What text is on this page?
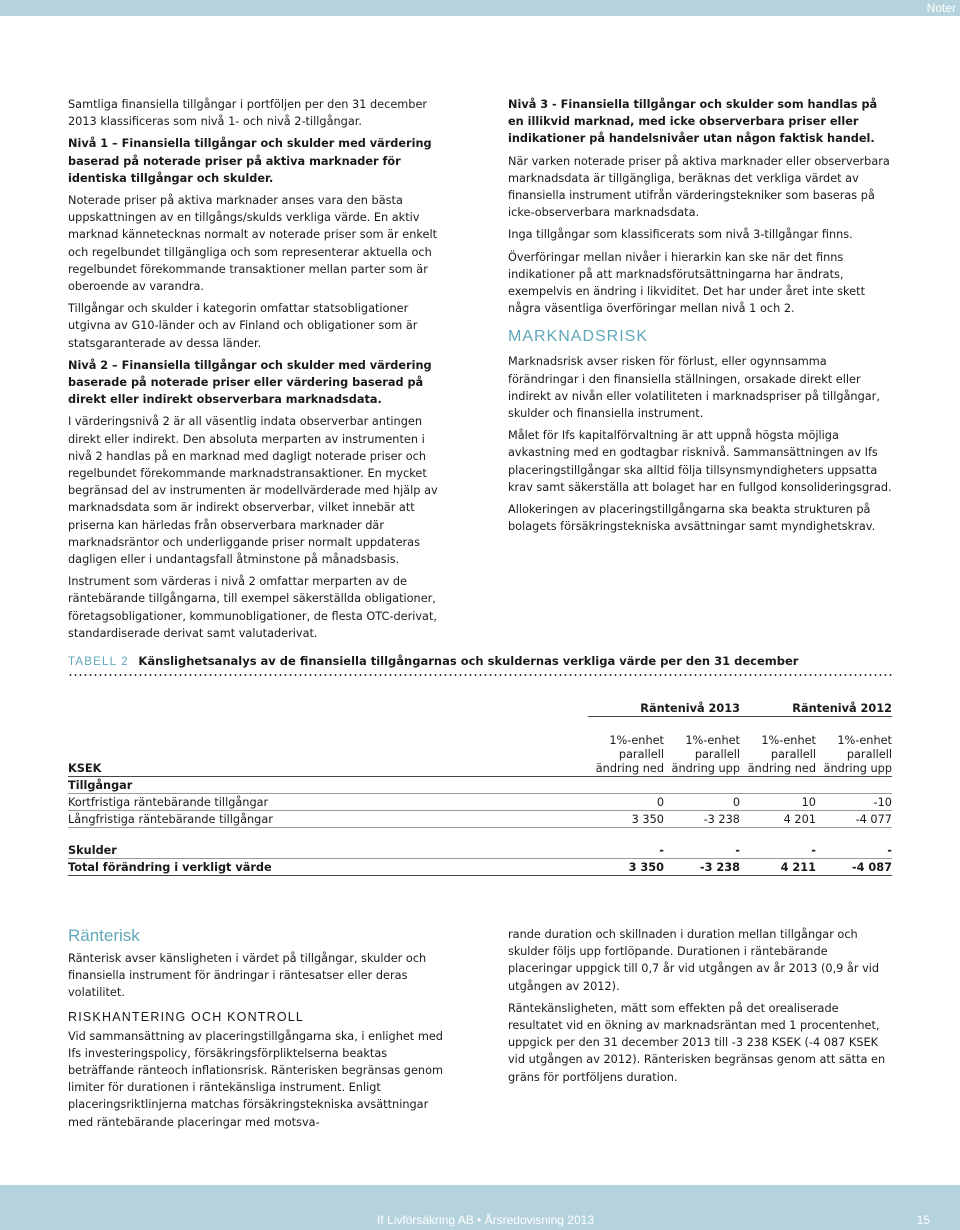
Noter

Samtliga finansiella tillgångar i portföljen per den 31 december 2013 klassificeras som nivå 1- och nivå 2-tillgångar.

Nivå 1 – Finansiella tillgångar och skulder med värdering baserad på noterade priser på aktiva marknader för identiska tillgångar och skulder.

Noterade priser på aktiva marknader anses vara den bästa uppskattningen av en tillgångs/skulds verkliga värde. En aktiv marknad kännetecknas normalt av noterade priser som är enkelt och regelbundet tillgängliga och som representerar aktuella och regelbundet förekommande transaktioner mellan parter som är oberoende av varandra.

Tillgångar och skulder i kategorin omfattar statsobligationer utgivna av G10-länder och av Finland och obligationer som är statsgaranterade av dessa länder.

Nivå 2 – Finansiella tillgångar och skulder med värdering baserade på noterade priser eller värdering baserad på direkt eller indirekt observerbara marknadsdata.

I värderingsnivå 2 är all väsentlig indata observerbar antingen direkt eller indirekt. Den absoluta merparten av instrumenten i nivå 2 handlas på en marknad med dagligt noterade priser och regelbundet förekommande marknadstransaktioner. En mycket begränsad del av instrumenten är modellvärderade med hjälp av marknadsdata som är indirekt observerbar, vilket innebär att priserna kan härledas från observerbara marknader där marknadsräntor och underliggande priser normalt uppdateras dagligen eller i undantagsfall åtminstone på månadsbasis.

Instrument som värderas i nivå 2 omfattar merparten av de räntebärande tillgångarna, till exempel säkerställda obligationer, företagsobligationer, kommunobligationer, de flesta OTC-derivat, standardiserade derivat samt valutaderivat.

Nivå 3 - Finansiella tillgångar och skulder som handlas på en illikvid marknad, med icke observerbara priser eller indikationer på handelsnivåer utan någon faktisk handel.

När varken noterade priser på aktiva marknader eller observerbara marknadsdata är tillgängliga, beräknas det verkliga värdet av finansiella instrument utifrån värderingstekniker som baseras på icke-observerbara marknadsdata.

Inga tillgångar som klassificerats som nivå 3-tillgångar finns.

Överföringar mellan nivåer i hierarkin kan ske när det finns indikationer på att marknadsförutsättningarna har ändrats, exempelvis en ändring i likviditet. Det har under året inte skett några väsentliga överföringar mellan nivå 1 och 2.

MARKNADSRISK

Marknadsrisk avser risken för förlust, eller ogynnsamma förändringar i den finansiella ställningen, orsakade direkt eller indirekt av nivån eller volatiliteten i marknadspriser på tillgångar, skulder och finansiella instrument.

Målet för Ifs kapitalförvaltning är att uppnå högsta möjliga avkastning med en godtagbar risknivå. Sammansättningen av Ifs placeringstillgångar ska alltid följa tillsynsmyndigheters uppsatta krav samt säkerställa att bolaget har en fullgod konsolideringsgrad.

Allokeringen av placeringstillgångarna ska beakta strukturen på bolagets försäkringstekniska avsättningar samt myndighetskrav.

TABELL 2 Känslighetsanalys av de finansiella tillgångarnas och skuldernas verkliga värde per den 31 december
	Räntenivå 2013		Räntenivå 2012	
KSEK	1%-enhet parallell ändring ned	1%-enhet parallell ändring upp	1%-enhet parallell ändring ned	1%-enhet parallell ändring upp
Tillgångar				
Kortfristiga räntebärande tillgångar	0	0	10	-10
Långfristiga räntebärande tillgångar	3 350	-3 238	4 201	-4 077

Skulder	-	-	-	-
Total förändring i verkligt värde	3 350	-3 238	4 211	-4 087
Ränterisk

Ränterisk avser känsligheten i värdet på tillgångar, skulder och finansiella instrument för ändringar i räntesatser eller deras volatilitet.

RISKHANTERING OCH KONTROLL

Vid sammansättning av placeringstillgångarna ska, i enlighet med Ifs investeringspolicy, försäkringsförpliktelserna beaktas beträffande ränteoch inflationsrisk. Ränterisken begränsas genom limiter för durationen i räntekänsliga instrument. Enligt placeringsriktlinjerna matchas försäkringstekniska avsättningar med räntebärande placeringar med motsva-

rande duration och skillnaden i duration mellan tillgångar och skulder följs upp fortlöpande. Durationen i räntebärande placeringar uppgick till 0,7 år vid utgången av år 2013 (0,9 år vid utgången av 2012).

Räntekänsligheten, mätt som effekten på det orealiserade resultatet vid en ökning av marknadsräntan med 1 procentenhet, uppgick per den 31 december 2013 till -3 238 KSEK (-4 087 KSEK vid utgången av 2012). Ränterisken begränsas genom att sätta en gräns för portföljens duration.

If Livförsäkring AB • Årsredovisning 2013	15
